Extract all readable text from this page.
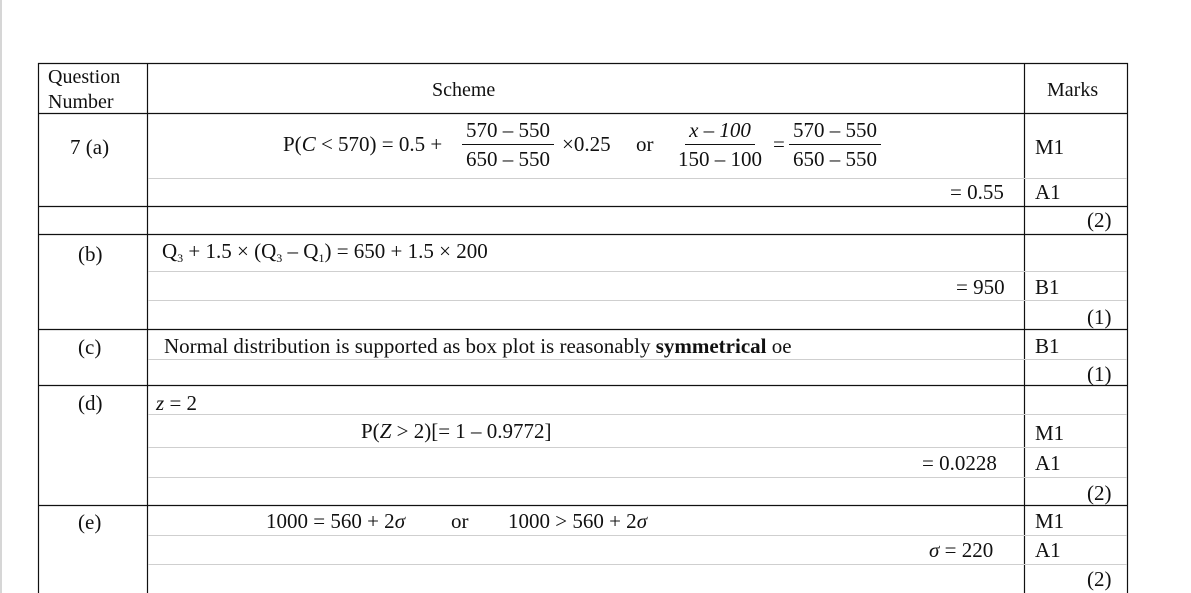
Question
Number
Scheme	Marks
7 (a)	$P(C < 570) = 0.5 + \frac{570 - 550}{650 - 550} \times 0.25$ or $\frac{x - 100}{150 - 100} = \frac{570 - 550}{650 - 550}$	M1
= 0.55 A1
(2)
(b)	$Q_3 + 1.5 \times (Q_3 - Q_1) = 650 + 1.5 \times 200$
= 950 B1
(1)
(c)	Normal distribution is supported as box plot is reasonably symmetrical oe	B1
(1)
(d)	z = 2
P(Z > 2)[= 1 – 0.9772]	M1
= 0.0228 A1
(2)
(e)	1000 = 560 + 2σ or 1000 > 560 + 2σ	M1
σ = 220 A1
(2)
